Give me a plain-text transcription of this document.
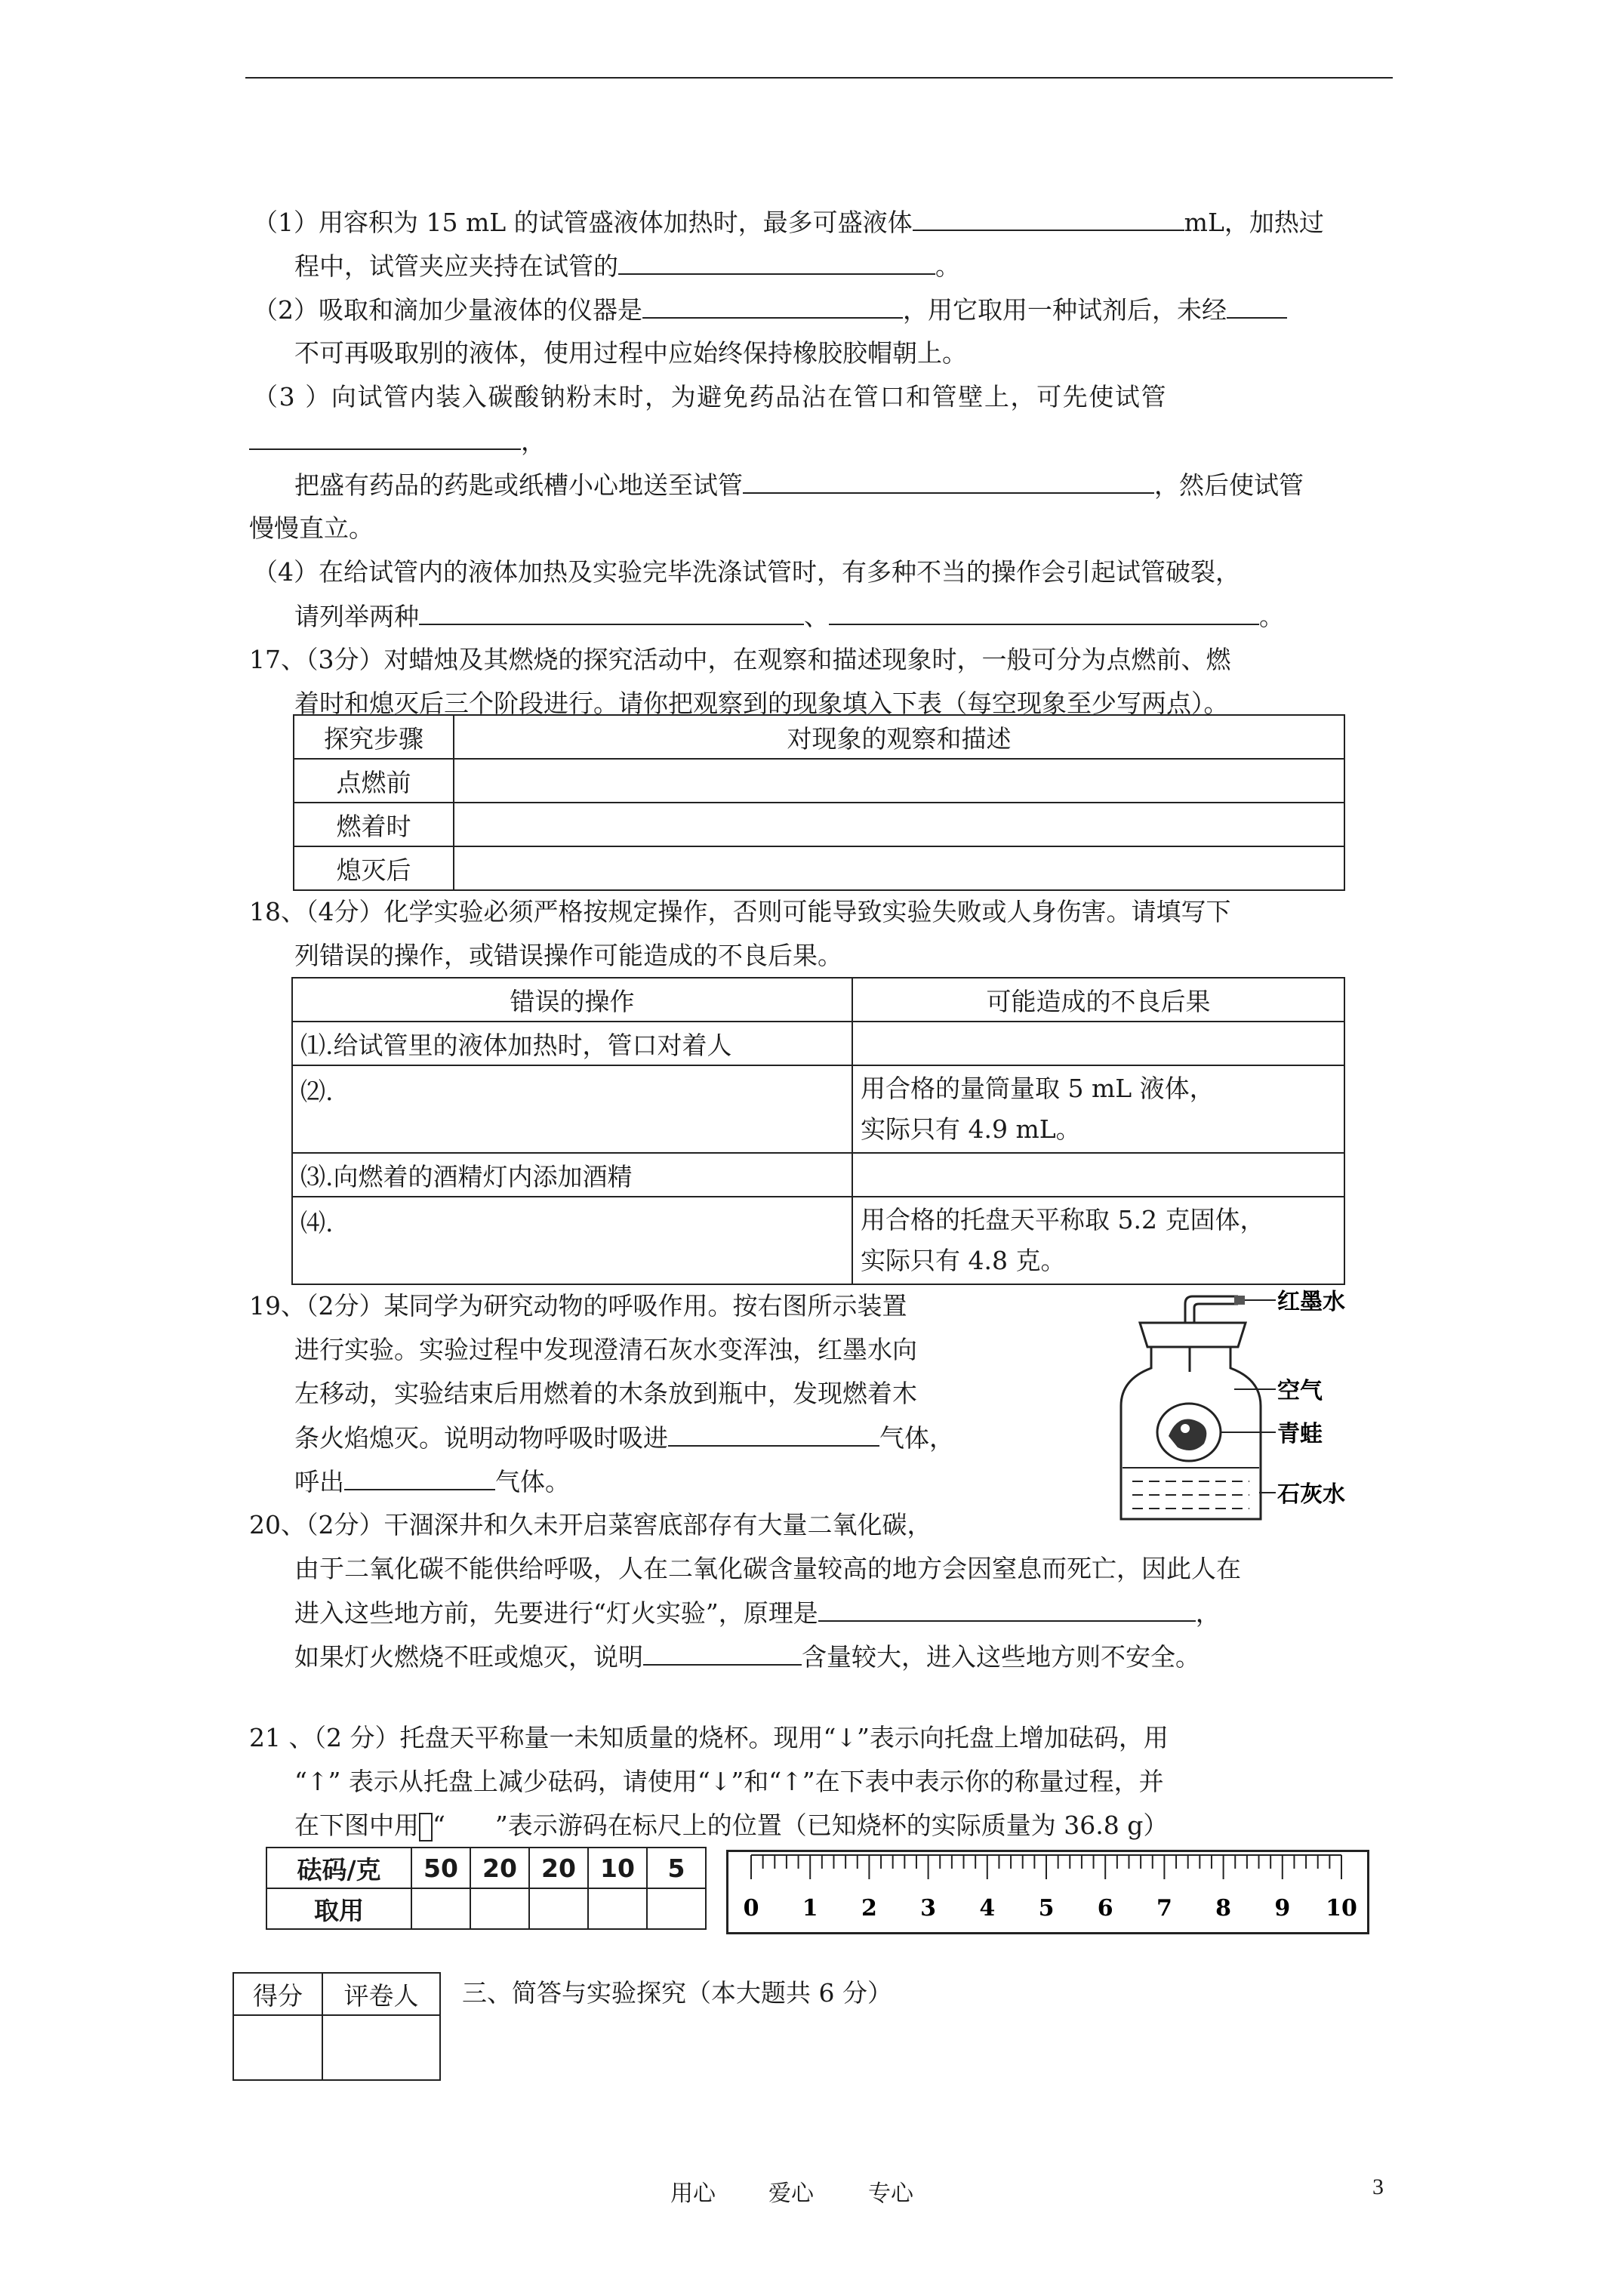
（1）用容积为 15 mL 的试管盛液体加热时，最多可盛液体	mL，加热过
程中，试管夹应夹持在试管的	。
（2）吸取和滴加少量液体的仪器是	，用它取用一种试剂后，未经
不可再吸取别的液体，使用过程中应始终保持橡胶胶帽朝上。
（3 ）向试管内装入碳酸钠粉末时，为避免药品沾在管口和管壁上，可先使试管
，
把盛有药品的药匙或纸槽小心地送至试管	，然后使试管
慢慢直立。
（4）在给试管内的液体加热及实验完毕洗涤试管时，有多种不当的操作会引起试管破裂，
请列举两种	、	。
17、（3分）对蜡烛及其燃烧的探究活动中，在观察和描述现象时，一般可分为点燃前、燃
着时和熄灭后三个阶段进行。请你把观察到的现象填入下表（每空现象至少写两点）。
探究步骤	对现象的观察和描述
点燃前	
燃着时	
熄灭后	
18、（4分）化学实验必须严格按规定操作，否则可能导致实验失败或人身伤害。请填写下
列错误的操作，或错误操作可能造成的不良后果。
错误的操作	可能造成的不良后果
⑴.给试管里的液体加热时，管口对着人	
⑵.	用合格的量筒量取 5 mL 液体，
实际只有 4.9 mL。

⑶.向燃着的酒精灯内添加酒精	
⑷.	用合格的托盘天平称取 5.2 克固体，
实际只有 4.8 克。
19、（2分）某同学为研究动物的呼吸作用。按右图所示装置
进行实验。实验过程中发现澄清石灰水变浑浊，红墨水向
左移动，实验结束后用燃着的木条放到瓶中，发现燃着木
条火焰熄灭。说明动物呼吸时吸进	气体，
呼出	气体。
红墨水
空气
青蛙
石灰水
20、（2分）干涸深井和久未开启菜窖底部存有大量二氧化碳，
由于二氧化碳不能供给呼吸，人在二氧化碳含量较高的地方会因窒息而死亡，因此人在
进入这些地方前，先要进行“灯火实验”，原理是	，
如果灯火燃烧不旺或熄灭，说明	含量较大，进入这些地方则不安全。
21 、（2 分）托盘天平称量一未知质量的烧杯。现用“↓”表示向托盘上增加砝码，用
“↑” 表示从托盘上减少砝码，请使用“↓”和“↑”在下表中表示你的称量过程，并
在下图中用 “　　”表示游码在标尺上的位置（已知烧杯的实际质量为 36.8 g）
砝码/克	50	20	20	10	5
取用						0 1 2 3 4 5 6 7 8 9 10
得分	评卷人
	三、简答与实验探究（本大题共 6 分）
用心 爱心 专心	3
